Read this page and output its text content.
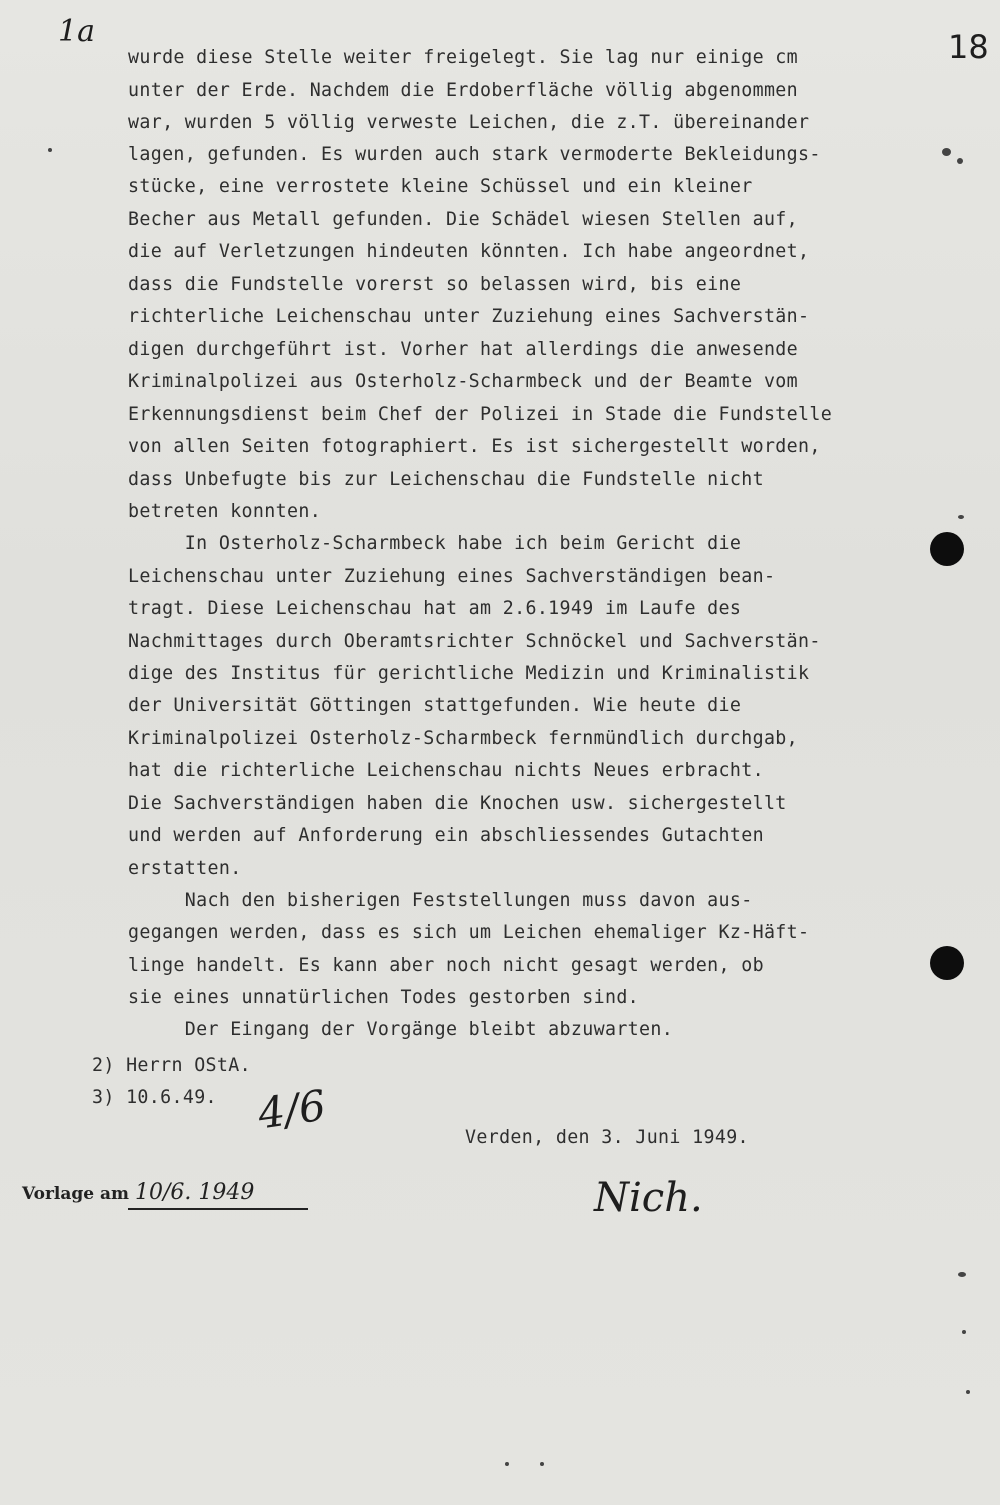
1a	18
wurde diese Stelle weiter freigelegt. Sie lag nur einige cm
unter der Erde. Nachdem die Erdoberfläche völlig abgenommen
war, wurden 5 völlig verweste Leichen, die z.T. übereinander
lagen, gefunden. Es wurden auch stark vermoderte Bekleidungs-
stücke, eine verrostete kleine Schüssel und ein kleiner
Becher aus Metall gefunden. Die Schädel wiesen Stellen auf,
die auf Verletzungen hindeuten könnten. Ich habe angeordnet,
dass die Fundstelle vorerst so belassen wird, bis eine
richterliche Leichenschau unter Zuziehung eines Sachverstän-
digen durchgeführt ist. Vorher hat allerdings die anwesende
Kriminalpolizei aus Osterholz-Scharmbeck und der Beamte vom
Erkennungsdienst beim Chef der Polizei in Stade die Fundstelle
von allen Seiten fotographiert. Es ist sichergestellt worden,
dass Unbefugte bis zur Leichenschau die Fundstelle nicht
betreten konnten.
In Osterholz-Scharmbeck habe ich beim Gericht die
Leichenschau unter Zuziehung eines Sachverständigen bean-
tragt. Diese Leichenschau hat am 2.6.1949 im Laufe des
Nachmittages durch Oberamtsrichter Schnöckel und Sachverstän-
dige des Institus für gerichtliche Medizin und Kriminalistik
der Universität Göttingen stattgefunden. Wie heute die
Kriminalpolizei Osterholz-Scharmbeck fernmündlich durchgab,
hat die richterliche Leichenschau nichts Neues erbracht.
Die Sachverständigen haben die Knochen usw. sichergestellt
und werden auf Anforderung ein abschliessendes Gutachten
erstatten.
Nach den bisherigen Feststellungen muss davon aus-
gegangen werden, dass es sich um Leichen ehemaliger Kz-Häft-
linge handelt. Es kann aber noch nicht gesagt werden, ob
sie eines unnatürlichen Todes gestorben sind.
Der Eingang der Vorgänge bleibt abzuwarten.
2) Herrn OStA.
3) 10.6.49. 4/6	Verden, den 3. Juni 1949.
Nich.
Vorlage am 10/6. 1949
